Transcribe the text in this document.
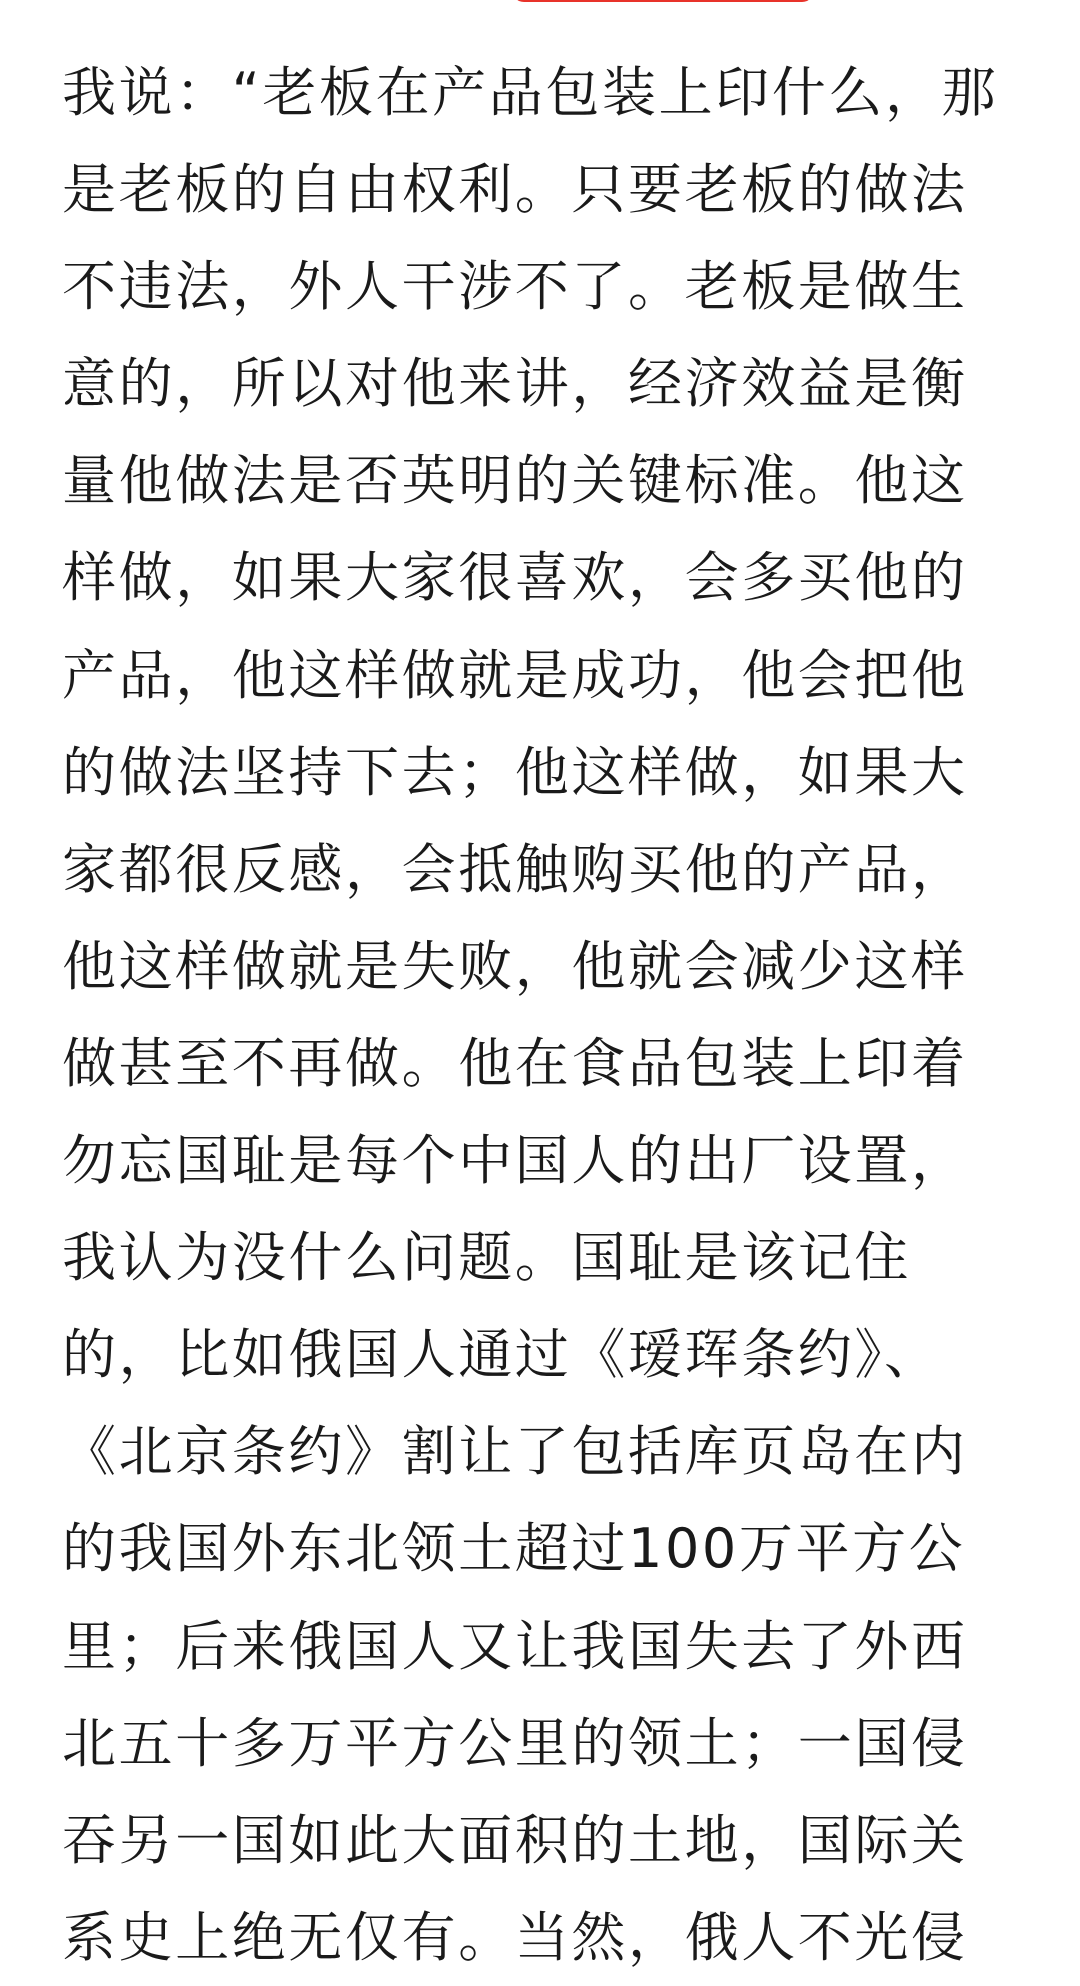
我说：“老板在产品包装上印什么，那
是老板的自由权利。只要老板的做法
不违法，外人干涉不了。老板是做生
意的，所以对他来讲，经济效益是衡
量他做法是否英明的关键标准。他这
样做，如果大家很喜欢，会多买他的
产品，他这样做就是成功，他会把他
的做法坚持下去；他这样做，如果大
家都很反感，会抵触购买他的产品，
他这样做就是失败，他就会减少这样
做甚至不再做。他在食品包装上印着
勿忘国耻是每个中国人的出厂设置，
我认为没什么问题。国耻是该记住
的，比如俄国人通过《瑷珲条约》、
《北京条约》割让了包括库页岛在内
的我国外东北领土超过100万平方公
里；后来俄国人又让我国失去了外西
北五十多万平方公里的领土；一国侵
吞另一国如此大面积的土地，国际关
系史上绝无仅有。当然，俄人不光侵
